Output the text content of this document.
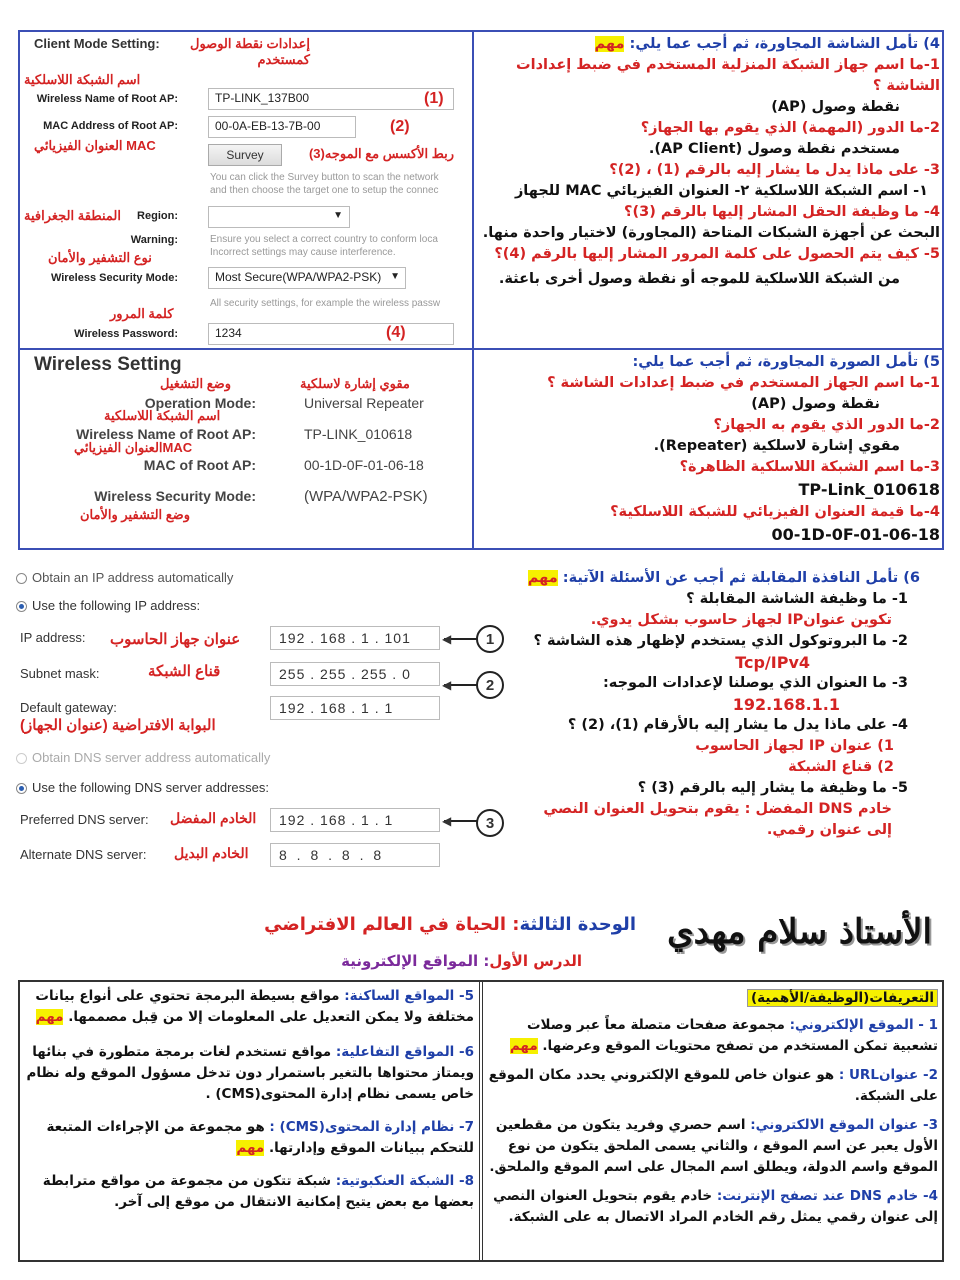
Client Mode Setting:	إعدادات نقطة الوصول كمستخدم
اسم الشبكة اللاسلكية
Wireless Name of Root AP:	TP-LINK_137B00	(1)
MAC Address of Root AP:	00-0A-EB-13-7B-00	(2)
العنوان الفيزيائي MAC
Survey	ربط الأكسس مع الموجه(3)
You can click the Survey button to scan the network
and then choose the target one to setup the connec
المنطقة الجغرافية	Region:	▼
Warning:	Ensure you select a correct country to conform loca
Incorrect settings may cause interference.
نوع التشفير والأمان
Wireless Security Mode:	Most Secure(WPA/WPA2-PSK) ▼
All security settings, for example the wireless passw
كلمة المرور
Wireless Password:	1234	(4)
4) تأمل الشاشة المجاورة، ثم أجب عما يلي: مهم
1-ما اسم جهاز الشبكة المنزلية المستخدم في ضبط إعدادات الشاشة ؟
نقطة وصول (AP)
2-ما الدور (المهمة) الذي يقوم بها الجهاز؟
مستخدم نقطة وصول (AP Client).
3- على ماذا يدل ما يشار إليه بالرقم (1) ، (2)؟
١- اسم الشبكة اللاسلكية ٢- العنوان الفيزيائي MAC للجهاز
4- ما وظيفة الحقل المشار إليها بالرقم (3)؟
البحث عن أجهزة الشبكات المتاحة (المجاورة) لاختيار واحدة منها.
5- كيف يتم الحصول على كلمة المرور المشار إليها بالرقم (4)؟
من الشبكة اللاسلكية للموجه أو نقطة وصول أخرى باعثة.
Wireless Setting
وضع التشغيل	مقوي إشارة لاسلكية
Operation Mode:	Universal Repeater
اسم الشبكة اللاسلكية
Wireless Name of Root AP:	TP-LINK_010618
العنوان الفيزيائيMAC
MAC of Root AP:	00-1D-0F-01-06-18
Wireless Security Mode:	(WPA/WPA2-PSK)
وضع التشفير والأمان
5) تأمل الصورة المجاورة، ثم أجب عما يلي:
1-ما اسم الجهاز المستخدم في ضبط إعدادات الشاشة ؟
نقطة وصول (AP)
2-ما الدور الذي يقوم به الجهاز؟
مقوي إشارة لاسلكية (Repeater).
3-ما اسم الشبكة اللاسلكية الظاهرة؟
TP-Link_010618
4-ما قيمة العنوان الفيزيائي للشبكة اللاسلكية؟
00-1D-0F-01-06-18
Obtain an IP address automatically
Use the following IP address:
IP address: عنوان جهاز الحاسوب	192 . 168 . 1 . 101	◀	1
Subnet mask:	قناع الشبكة	255 . 255 . 255 . 0
◀	2
Default gateway:	192 . 168 . 1 . 1
البوابة الافتراضية (عنوان الجهاز)
Obtain DNS server address automatically
Use the following DNS server addresses:
Preferred DNS server: الخادم المفضل	192 . 168 . 1 . 1	◀	3
Alternate DNS server: الخادم البديل	8 . 8 . 8 . 8
6) تأمل النافذة المقابلة ثم أجب عن الأسئلة الآتية: مهم
1- ما وظيفة الشاشة المقابلة ؟
تكوين عنوانIP لجهاز حاسوب بشكل يدوي.
2- ما البروتوكول الذي يستخدم لإظهار هذه الشاشة ؟
Tcp/IPv4
3- ما العنوان الذي يوصلنا لإعدادات الموجه:
192.168.1.1
4- على ماذا يدل ما يشار إليه بالأرقام (1)، (2) ؟
1) عنوان IP لجهاز الحاسوب
2) قناع الشبكة
5- ما وظيفة ما يشار إليه بالرقم (3) ؟
خادم DNS المفضل : يقوم بتحويل العنوان النصي
إلى عنوان رقمي.
الأستاذ سلام مهدي
الوحدة الثالثة: الحياة في العالم الافتراضي
الدرس الأول: المواقع الإلكترونية
التعريفات(الوظيفة/الأهمية)
1 - الموقع الإلكتروني: مجموعة صفحات متصلة معاً عبر وصلات تشعبية تمكن المستخدم من تصفح محتويات الموقع وعرضها. مهم
2- عنوانURL : هو عنوان خاص للموقع الإلكتروني يحدد مكان الموقع على الشبكة.
3- عنوان الموقع الالكتروني: اسم حصري وفريد يتكون من مقطعين الأول يعبر عن اسم الموقع ، والثاني يسمى الملحق يتكون من نوع الموقع واسم الدولة، ويطلق اسم المجال على اسم الموقع والملحق.
4- خادم DNS عند تصفح الإنترنت: خادم يقوم بتحويل العنوان النصي إلى عنوان رقمي يمثل رقم الخادم المراد الاتصال به على الشبكة.
5- المواقع الساكنة: مواقع بسيطة البرمجة تحتوي على أنواع بيانات مختلفة ولا يمكن التعديل على المعلومات إلا من قِبل مصممها. مهم
6- المواقع التفاعلية: مواقع تستخدم لغات برمجة متطورة في بنائها ويمتاز محتواها بالتغير باستمرار دون تدخل مسؤول الموقع وله نظام خاص يسمى نظام إدارة المحتوى(CMS) .
7- نظام إدارة المحتوى(CMS) : هو مجموعة من الإجراءات المتبعة للتحكم ببيانات الموقع وإدارتها. مهم
8- الشبكة العنكبوتية: شبكة تتكون من مجموعة من مواقع مترابطة بعضها مع بعض يتيح إمكانية الانتقال من موقع إلى آخر.
